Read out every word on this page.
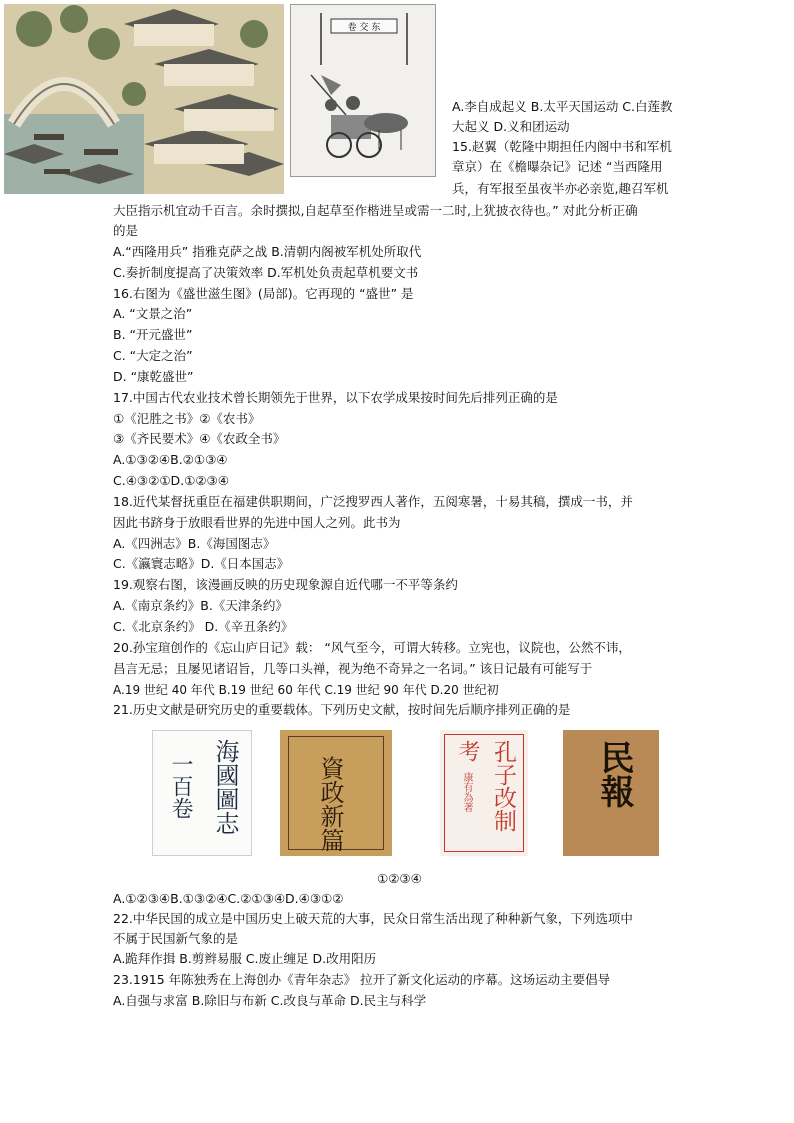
卷 交 东
A.李自成起义 B.太平天国运动 C.白莲教
大起义 D.义和团运动
15.赵翼（乾隆中期担任内阁中书和军机
章京）在《檐曝杂记》记述 “当西隆用
兵，有军报至虽夜半亦必亲览,趣召军机
大臣指示机宜动千百言。余时撰拟,自起草至作楷进呈或需一二时,上犹披衣待也。” 对此分析正确
的是
A.“西隆用兵” 指雅克萨之战 B.清朝内阁被军机处所取代
C.奏折制度提高了决策效率 D.军机处负责起草机要文书
16.右图为《盛世滋生图》(局部)。它再现的 “盛世” 是
A. “文景之治”
B. “开元盛世”
C. “大定之治”
D. “康乾盛世”
17.中国古代农业技术曾长期领先于世界，以下农学成果按时间先后排列正确的是
①《氾胜之书》②《农书》
③《齐民要术》④《农政全书》
A.①③②④B.②①③④
C.④③②①D.①②③④
18.近代某督抚重臣在福建供职期间，广泛搜罗西人著作，五阅寒暑，十易其稿，撰成一书，并
因此书跻身于放眼看世界的先进中国人之列。此书为
A.《四洲志》B.《海国图志》
C.《瀛寰志略》D.《日本国志》
19.观察右图，该漫画反映的历史现象源自近代哪一不平等条约
A.《南京条约》B.《天津条约》
C.《北京条约》 D.《辛丑条约》
20.孙宝瑄创作的《忘山庐日记》载： “风气至今，可谓大转移。立宪也，议院也，公然不讳，
昌言无忌；且屡见诸诏旨，几等口头禅，视为绝不奇异之一名词。” 该日记最有可能写于
A.19 世纪 40 年代 B.19 世纪 60 年代 C.19 世纪 90 年代 D.20 世纪初
21.历史文献是研究历史的重要载体。下列历史文献，按时间先后顺序排列正确的是
海國圖志
一百卷	資政新篇	孔子改制
考
康有為著	民報
①②③④
A.①②③④B.①③②④C.②①③④D.④③①②
22.中华民国的成立是中国历史上破天荒的大事，民众日常生活出现了种种新气象，下列选项中
不属于民国新气象的是
A.跪拜作揖 B.剪辫易服 C.废止缠足 D.改用阳历
23.1915 年陈独秀在上海创办《青年杂志》 拉开了新文化运动的序幕。这场运动主要倡导
A.自强与求富 B.除旧与布新 C.改良与革命 D.民主与科学
